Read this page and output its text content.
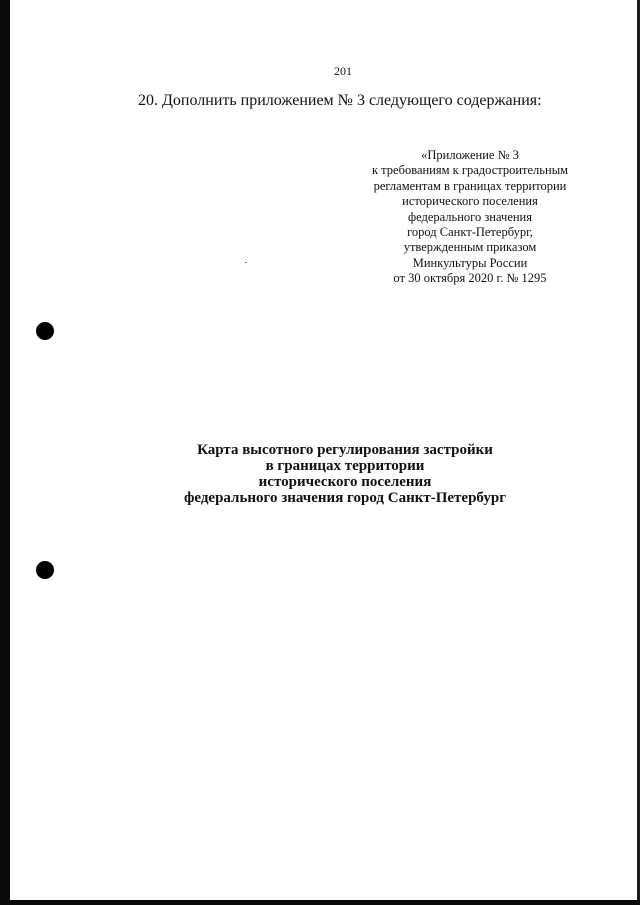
201
20. Дополнить приложением № 3 следующего содержания:
«Приложение № 3
к требованиям к градостроительным
регламентам в границах территории
исторического поселения
федерального значения
город Санкт-Петербург,
утвержденным приказом
Минкультуры России
от 30 октября 2020 г. № 1295
Карта высотного регулирования застройки
в границах территории
исторического поселения
федерального значения город Санкт-Петербург
